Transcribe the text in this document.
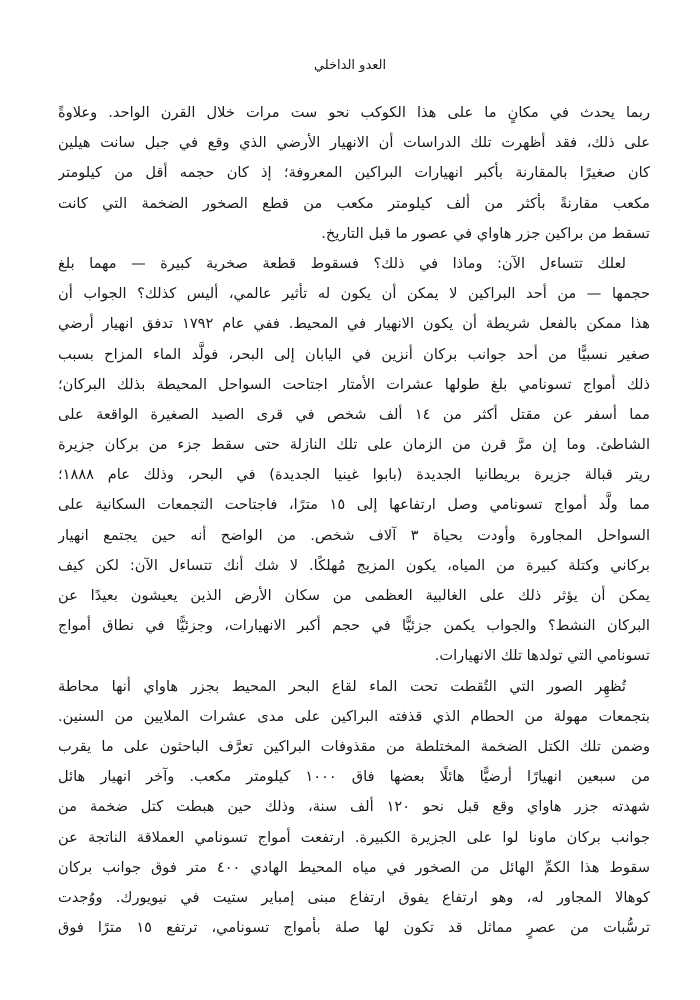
العدو الداخلي
ربما يحدث في مكانٍ ما على هذا الكوكب نحو ست مرات خلال القرن الواحد. وعلاوةً
على ذلك، فقد أظهرت تلك الدراسات أن الانهيار الأرضي الذي وقع في جبل سانت هيلين
كان صغيرًا بالمقارنة بأكبر انهيارات البراكين المعروفة؛ إذ كان حجمه أقل من كيلومتر
مكعب مقارنةً بأكثر من ألف كيلومتر مكعب من قطع الصخور الضخمة التي كانت
تسقط من براكين جزر هاواي في عصور ما قبل التاريخ.
لعلك تتساءل الآن: وماذا في ذلك؟ فسقوط قطعة صخرية كبيرة — مهما بلغ
حجمها — من أحد البراكين لا يمكن أن يكون له تأثير عالمي، أليس كذلك؟ الجواب أن
هذا ممكن بالفعل شريطة أن يكون الانهيار في المحيط. ففي عام ١٧٩٢ تدفق انهيار أرضي
صغير نسبيًّا من أحد جوانب بركان أنزين في اليابان إلى البحر، فولَّد الماء المزاح بسبب
ذلك أمواج تسونامي بلغ طولها عشرات الأمتار اجتاحت السواحل المحيطة بذلك البركان؛
مما أسفر عن مقتل أكثر من ١٤ ألف شخص في قرى الصيد الصغيرة الواقعة على
الشاطئ. وما إن مرَّ قرن من الزمان على تلك النازلة حتى سقط جزء من بركان جزيرة
ريتر قبالة جزيرة بريطانيا الجديدة (بابوا غينيا الجديدة) في البحر، وذلك عام ١٨٨٨؛
مما ولَّد أمواج تسونامي وصل ارتفاعها إلى ١٥ مترًا، فاجتاحت التجمعات السكانية على
السواحل المجاورة وأودت بحياة ٣ آلاف شخص. من الواضح أنه حين يجتمع انهيار
بركاني وكتلة كبيرة من المياه، يكون المزيج مُهلكًا. لا شك أنك تتساءل الآن: لكن كيف
يمكن أن يؤثر ذلك على الغالبية العظمى من سكان الأرض الذين يعيشون بعيدًا عن
البركان النشط؟ والجواب يكمن جزئيًّا في حجم أكبر الانهيارات، وجزئيًّا في نطاق أمواج
تسونامي التي تولدها تلك الانهيارات.
تُظهِر الصور التي التُقطت تحت الماء لقاع البحر المحيط بجزر هاواي أنها محاطة
بتجمعات مهولة من الحطام الذي قذفته البراكين على مدى عشرات الملايين من السنين.
وضمن تلك الكتل الضخمة المختلطة من مقذوفات البراكين تعرَّف الباحثون على ما يقرب
من سبعين انهيارًا أرضيًّا هائلًا بعضها فاق ١٠٠٠ كيلومتر مكعب. وآخر انهيار هائل
شهدته جزر هاواي وقع قبل نحو ١٢٠ ألف سنة، وذلك حين هبطت كتل ضخمة من
جوانب بركان ماونا لوا على الجزيرة الكبيرة. ارتفعت أمواج تسونامي العملاقة الناتجة عن
سقوط هذا الكمِّ الهائل من الصخور في مياه المحيط الهادي ٤٠٠ متر فوق جوانب بركان
كوهالا المجاور له، وهو ارتفاع يفوق ارتفاع مبنى إمباير ستيت في نيويورك. ووُجدت
ترسُّبات من عصرٍ مماثل قد تكون لها صلة بأمواج تسونامي، ترتفع ١٥ مترًا فوق
